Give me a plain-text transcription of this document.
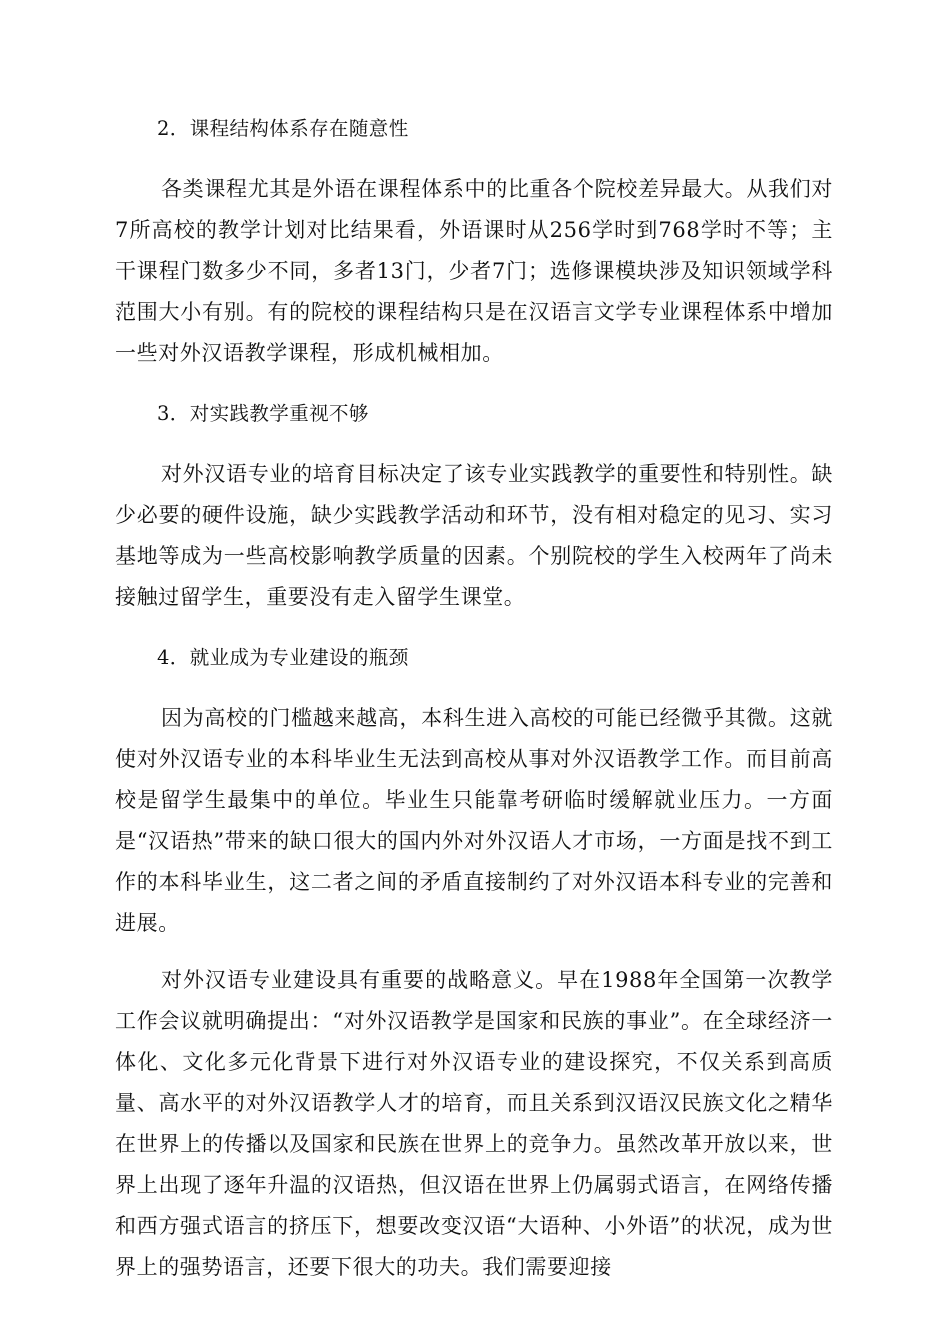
2．课程结构体系存在随意性
各类课程尤其是外语在课程体系中的比重各个院校差异最大。从我们对7所高校的教学计划对比结果看，外语课时从256学时到768学时不等；主干课程门数多少不同，多者13门，少者7门；选修课模块涉及知识领域学科范围大小有别。有的院校的课程结构只是在汉语言文学专业课程体系中增加一些对外汉语教学课程，形成机械相加。
3．对实践教学重视不够
对外汉语专业的培育目标决定了该专业实践教学的重要性和特别性。缺少必要的硬件设施，缺少实践教学活动和环节，没有相对稳定的见习、实习基地等成为一些高校影响教学质量的因素。个别院校的学生入校两年了尚未接触过留学生，重要没有走入留学生课堂。
4．就业成为专业建设的瓶颈
因为高校的门槛越来越高，本科生进入高校的可能已经微乎其微。这就使对外汉语专业的本科毕业生无法到高校从事对外汉语教学工作。而目前高校是留学生最集中的单位。毕业生只能靠考研临时缓解就业压力。一方面是“汉语热”带来的缺口很大的国内外对外汉语人才市场，一方面是找不到工作的本科毕业生，这二者之间的矛盾直接制约了对外汉语本科专业的完善和进展。
对外汉语专业建设具有重要的战略意义。早在1988年全国第一次教学工作会议就明确提出：“对外汉语教学是国家和民族的事业”。在全球经济一体化、文化多元化背景下进行对外汉语专业的建设探究，不仅关系到高质量、高水平的对外汉语教学人才的培育，而且关系到汉语汉民族文化之精华在世界上的传播以及国家和民族在世界上的竞争力。虽然改革开放以来，世界上出现了逐年升温的汉语热，但汉语在世界上仍属弱式语言，在网络传播和西方强式语言的挤压下，想要改变汉语“大语种、小外语”的状况，成为世界上的强势语言，还要下很大的功夫。我们需要迎接
